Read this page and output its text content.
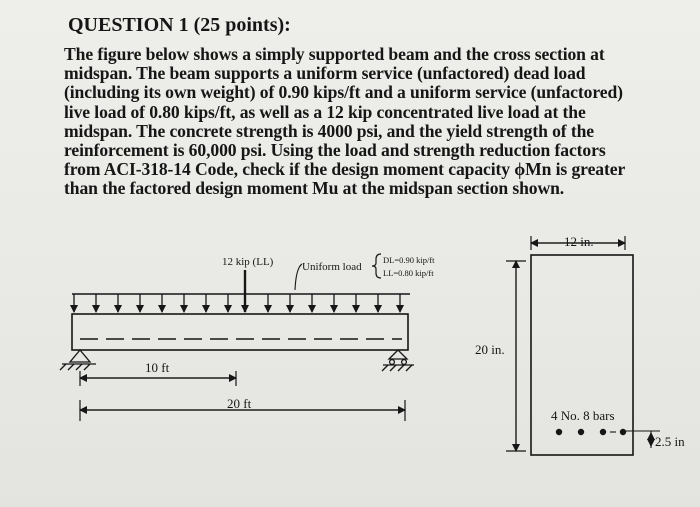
QUESTION 1 (25 points):
The figure below shows a simply supported beam and the cross section at
midspan. The beam supports a uniform service (unfactored) dead load
(including its own weight) of 0.90 kips/ft and a uniform service (unfactored)
live load of 0.80 kips/ft, as well as a 12 kip concentrated live load at the
midspan. The concrete strength is 4000 psi, and the yield strength of the
reinforcement is 60,000 psi. Using the load and strength reduction factors
from ACI-318-14 Code, check if the design moment capacity ϕMn is greater
than the factored design moment Mu at the midspan section shown.
12 kip (LL)	Uniform load
DL=0.90 kip/ft
LL=0.80 kip/ft
10 ft
20 ft
12 in.
20 in.
4 No. 8 bars
2.5 in
